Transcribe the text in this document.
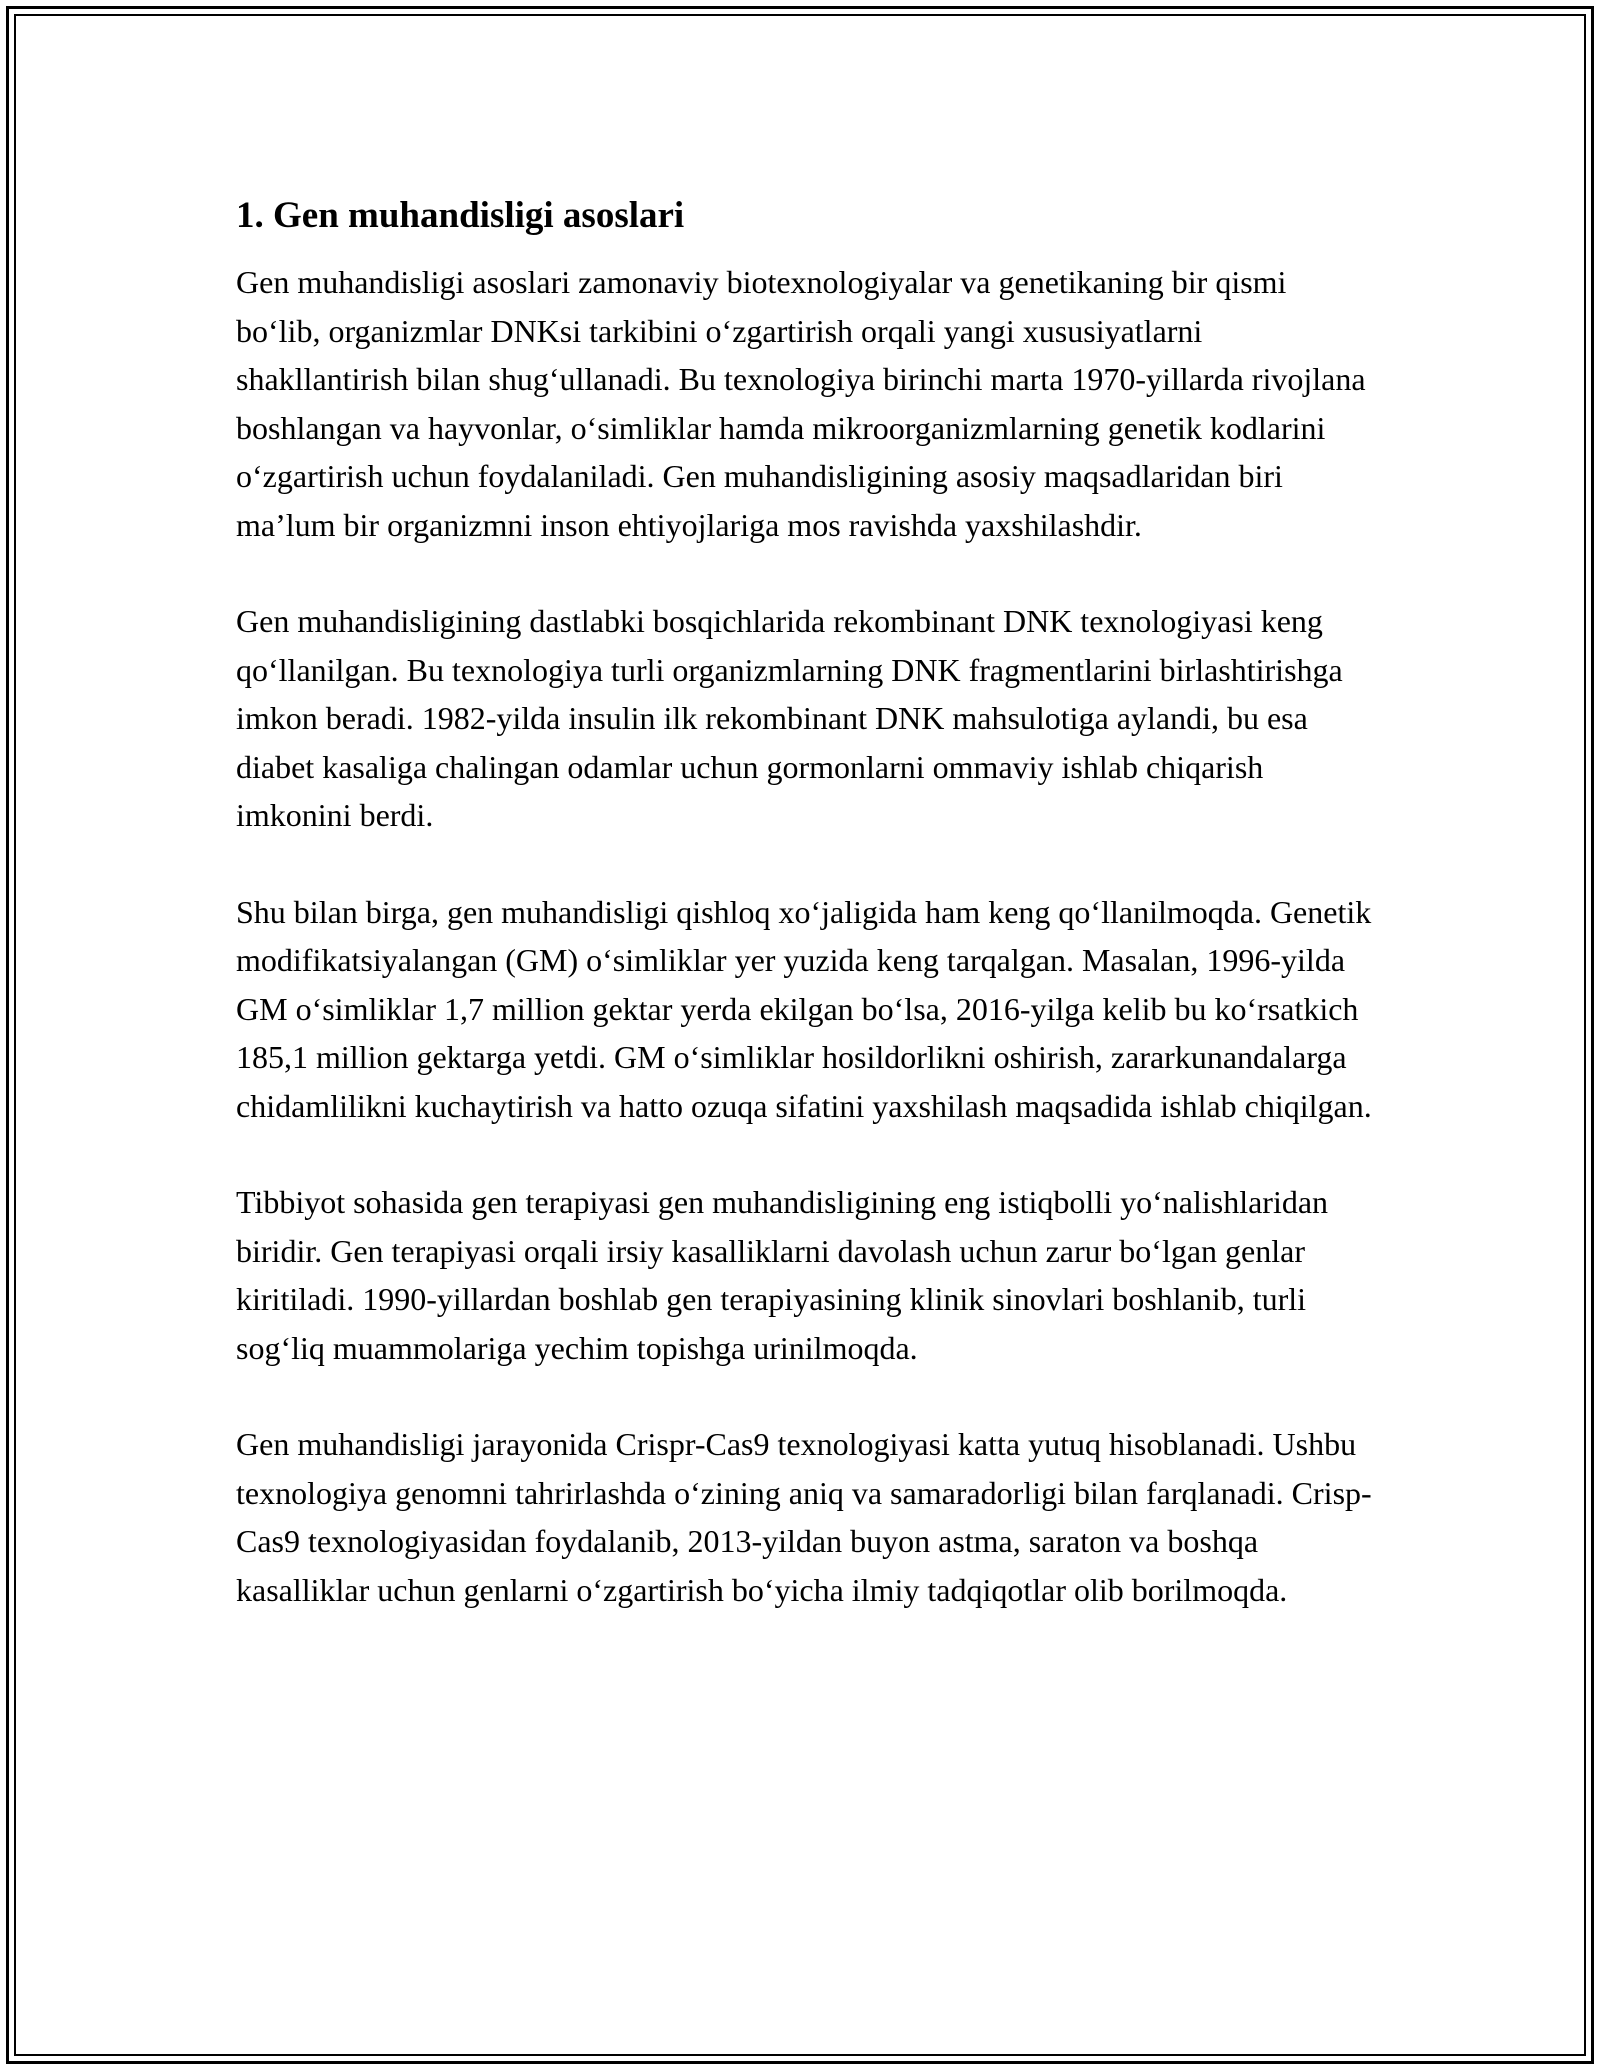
1. Gen muhandisligi asoslari

Gen muhandisligi asoslari zamonaviy biotexnologiyalar va genetikaning bir qismi bo‘lib, organizmlar DNKsi tarkibini o‘zgartirish orqali yangi xususiyatlarni shakllantirish bilan shug‘ullanadi. Bu texnologiya birinchi marta 1970-yillarda rivojlana boshlangan va hayvonlar, o‘simliklar hamda mikroorganizmlarning genetik kodlarini o‘zgartirish uchun foydalaniladi. Gen muhandisligining asosiy maqsadlaridan biri ma’lum bir organizmni inson ehtiyojlariga mos ravishda yaxshilashdir.

Gen muhandisligining dastlabki bosqichlarida rekombinant DNK texnologiyasi keng qo‘llanilgan. Bu texnologiya turli organizmlarning DNK fragmentlarini birlashtirishga imkon beradi. 1982-yilda insulin ilk rekombinant DNK mahsulotiga aylandi, bu esa diabet kasaliga chalingan odamlar uchun gormonlarni ommaviy ishlab chiqarish imkonini berdi.

Shu bilan birga, gen muhandisligi qishloq xo‘jaligida ham keng qo‘llanilmoqda. Genetik modifikatsiyalangan (GM) o‘simliklar yer yuzida keng tarqalgan. Masalan, 1996-yilda GM o‘simliklar 1,7 million gektar yerda ekilgan bo‘lsa, 2016-yilga kelib bu ko‘rsatkich 185,1 million gektarga yetdi. GM o‘simliklar hosildorlikni oshirish, zararkunandalarga chidamlilikni kuchaytirish va hatto ozuqa sifatini yaxshilash maqsadida ishlab chiqilgan.

Tibbiyot sohasida gen terapiyasi gen muhandisligining eng istiqbolli yo‘nalishlaridan biridir. Gen terapiyasi orqali irsiy kasalliklarni davolash uchun zarur bo‘lgan genlar kiritiladi. 1990-yillardan boshlab gen terapiyasining klinik sinovlari boshlanib, turli sog‘liq muammolariga yechim topishga urinilmoqda.

Gen muhandisligi jarayonida Crispr-Cas9 texnologiyasi katta yutuq hisoblanadi. Ushbu texnologiya genomni tahrirlashda o‘zining aniq va samaradorligi bilan farqlanadi. Crisp-Cas9 texnologiyasidan foydalanib, 2013-yildan buyon astma, saraton va boshqa kasalliklar uchun genlarni o‘zgartirish bo‘yicha ilmiy tadqiqotlar olib borilmoqda.
